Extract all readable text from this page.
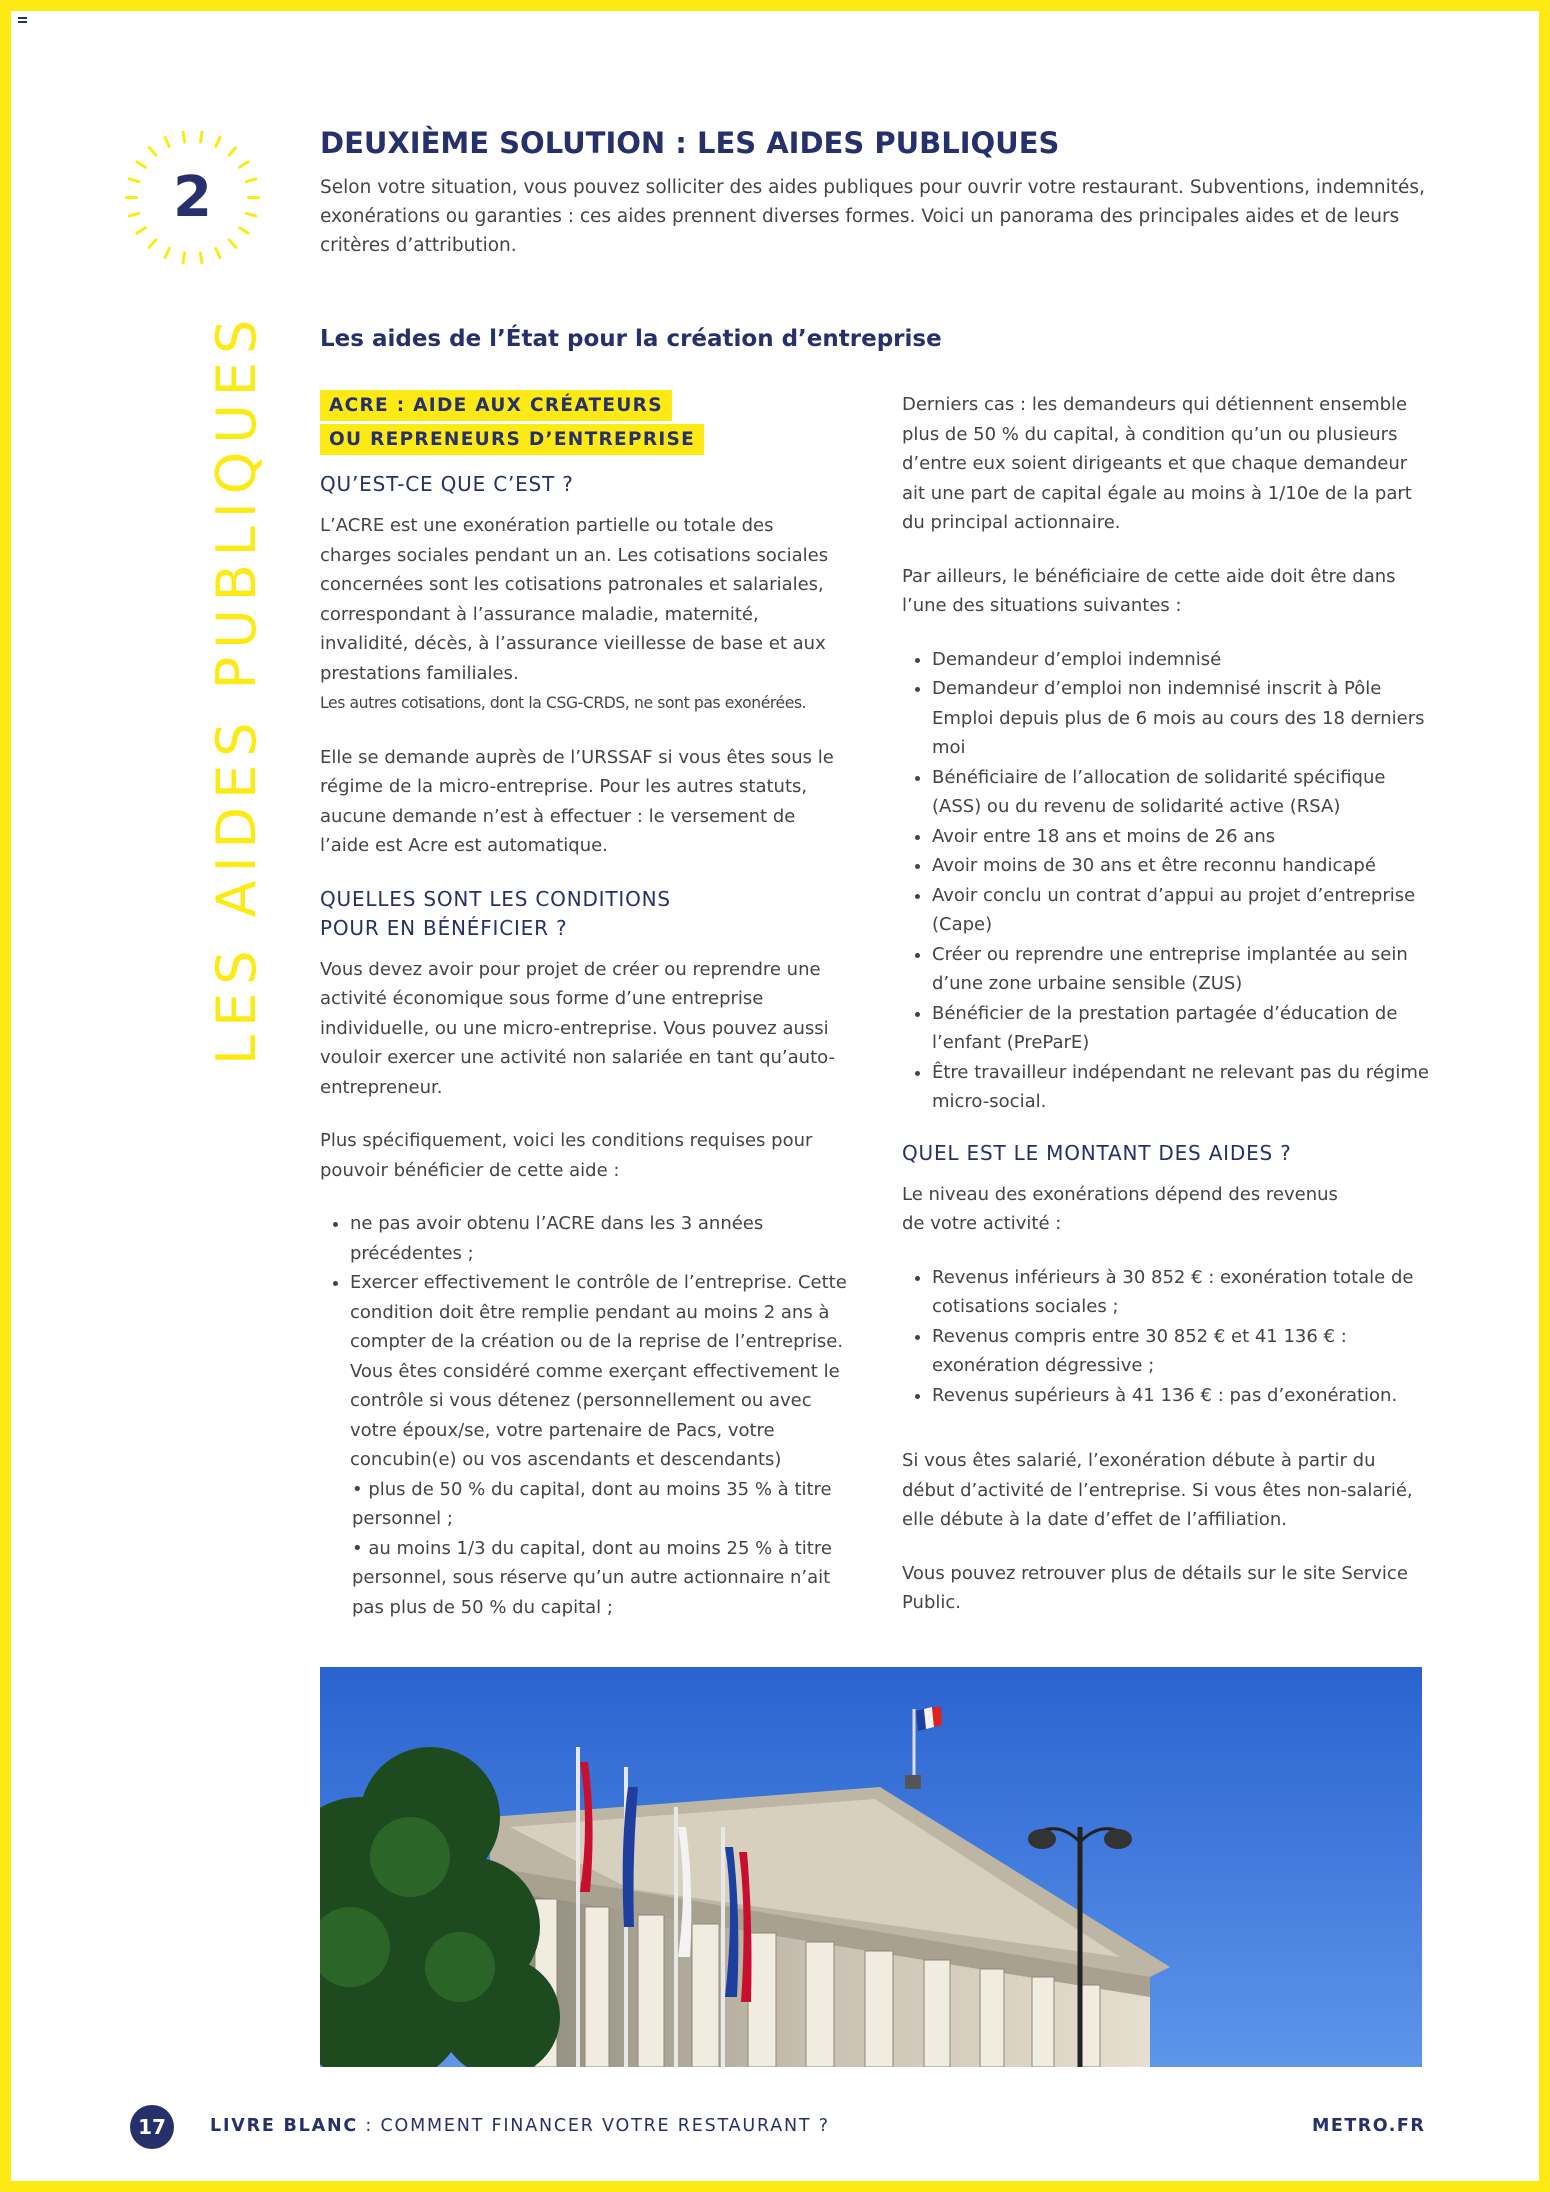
2
LES AIDES PUBLIQUES
DEUXIÈME SOLUTION : LES AIDES PUBLIQUES

Selon votre situation, vous pouvez solliciter des aides publiques pour ouvrir votre restaurant. Subventions, indemnités, exonérations ou garanties : ces aides prennent diverses formes. Voici un panorama des principales aides et de leurs critères d’attribution.

Les aides de l’État pour la création d’entreprise
ACRE : AIDE AUX CRÉATEURS
OU REPRENEURS D’ENTREPRISE
QU’EST-CE QUE C’EST ?

L’ACRE est une exonération partielle ou totale des charges sociales pendant un an. Les cotisations sociales concernées sont les cotisations patronales et salariales, correspondant à l’assurance maladie, maternité, invalidité, décès, à l’assurance vieillesse de base et aux prestations familiales.
Les autres cotisations, dont la CSG-CRDS, ne sont pas exonérées.

Elle se demande auprès de l’URSSAF si vous êtes sous le régime de la micro-entreprise. Pour les autres statuts, aucune demande n’est à effectuer : le versement de l’aide est Acre est automatique.

QUELLES SONT LES CONDITIONS POUR EN BÉNÉFICIER ?

Vous devez avoir pour projet de créer ou reprendre une activité économique sous forme d’une entreprise individuelle, ou une micro-entreprise. Vous pouvez aussi vouloir exercer une activité non salariée en tant qu’auto-entrepreneur.

Plus spécifiquement, voici les conditions requises pour pouvoir bénéficier de cette aide :

• ne pas avoir obtenu l’ACRE dans les 3 années précédentes ;
• Exercer effectivement le contrôle de l’entreprise. Cette condition doit être remplie pendant au moins 2 ans à compter de la création ou de la reprise de l’entreprise. Vous êtes considéré comme exerçant effectivement le contrôle si vous détenez (personnellement ou avec votre époux/se, votre partenaire de Pacs, votre concubin(e) ou vos ascendants et descendants)
• plus de 50 % du capital, dont au moins 35 % à titre personnel ;
• au moins 1/3 du capital, dont au moins 25 % à titre personnel, sous réserve qu’un autre actionnaire n’ait pas plus de 50 % du capital ;

Derniers cas : les demandeurs qui détiennent ensemble plus de 50 % du capital, à condition qu’un ou plusieurs d’entre eux soient dirigeants et que chaque demandeur ait une part de capital égale au moins à 1/10e de la part du principal actionnaire.

Par ailleurs, le bénéficiaire de cette aide doit être dans l’une des situations suivantes :

• Demandeur d’emploi indemnisé
• Demandeur d’emploi non indemnisé inscrit à Pôle Emploi depuis plus de 6 mois au cours des 18 derniers moi
• Bénéficiaire de l’allocation de solidarité spécifique (ASS) ou du revenu de solidarité active (RSA)
• Avoir entre 18 ans et moins de 26 ans
• Avoir moins de 30 ans et être reconnu handicapé
• Avoir conclu un contrat d’appui au projet d’entreprise (Cape)
• Créer ou reprendre une entreprise implantée au sein d’une zone urbaine sensible (ZUS)
• Bénéficier de la prestation partagée d’éducation de l’enfant (PreParE)
• Être travailleur indépendant ne relevant pas du régime micro-social.
QUEL EST LE MONTANT DES AIDES ?

Le niveau des exonérations dépend des revenus de votre activité :

• Revenus inférieurs à 30 852 € : exonération totale de cotisations sociales ;
• Revenus compris entre 30 852 € et 41 136 € : exonération dégressive ;
• Revenus supérieurs à 41 136 € : pas d’exonération.

Si vous êtes salarié, l’exonération débute à partir du début d’activité de l’entreprise. Si vous êtes non-salarié, elle débute à la date d’effet de l’affiliation.

Vous pouvez retrouver plus de détails sur le site Service Public.

17	LIVRE BLANC : COMMENT FINANCER VOTRE RESTAURANT ?	METRO.FR
